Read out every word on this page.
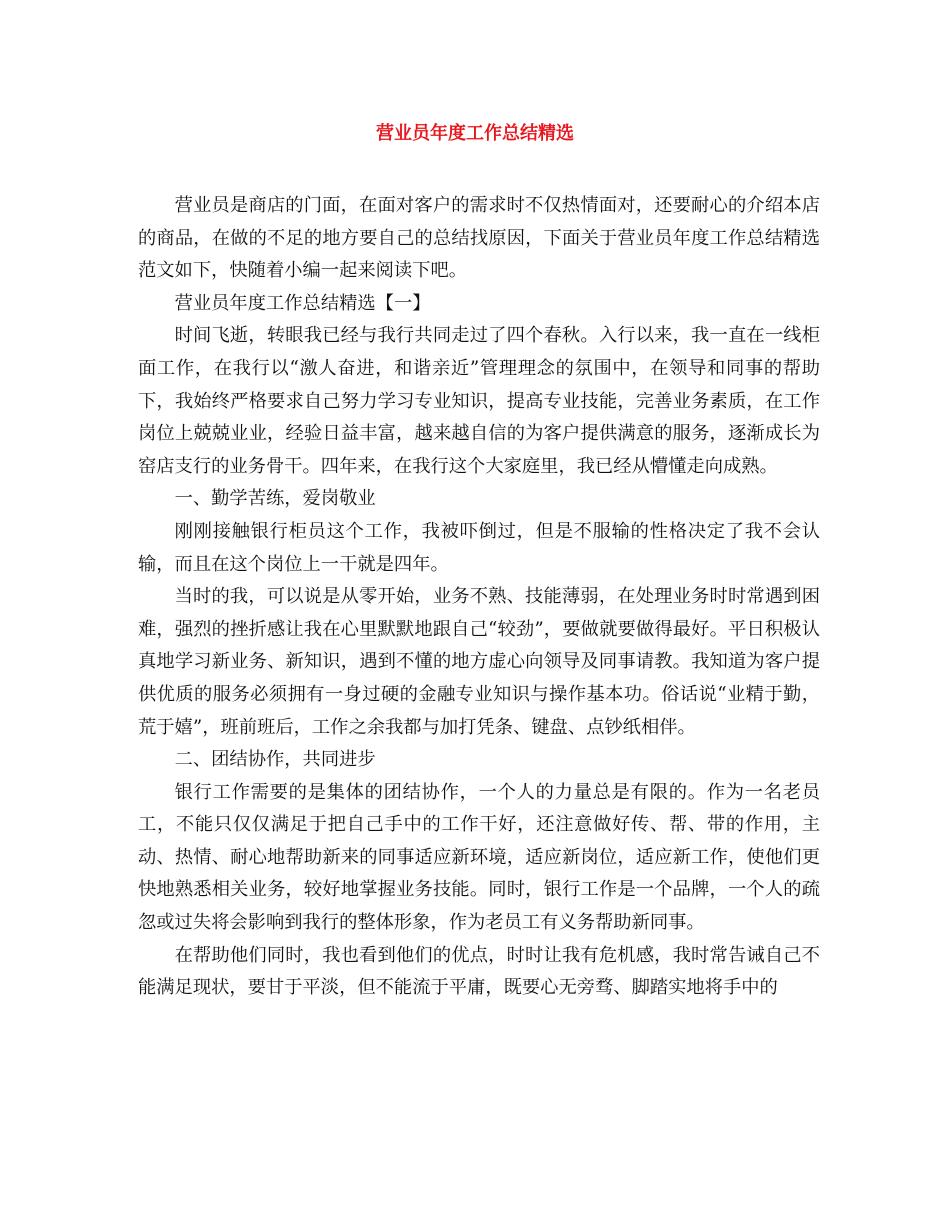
营业员年度工作总结精选

营业员是商店的门面，在面对客户的需求时不仅热情面对，还要耐心的介绍本店的商品，在做的不足的地方要自己的总结找原因，下面关于营业员年度工作总结精选范文如下，快随着小编一起来阅读下吧。

营业员年度工作总结精选【一】

时间飞逝，转眼我已经与我行共同走过了四个春秋。入行以来，我一直在一线柜面工作，在我行以“激人奋进，和谐亲近”管理理念的氛围中，在领导和同事的帮助下，我始终严格要求自己努力学习专业知识，提高专业技能，完善业务素质，在工作岗位上兢兢业业，经验日益丰富，越来越自信的为客户提供满意的服务，逐渐成长为窑店支行的业务骨干。四年来，在我行这个大家庭里，我已经从懵懂走向成熟。

一、勤学苦练，爱岗敬业

刚刚接触银行柜员这个工作，我被吓倒过，但是不服输的性格决定了我不会认输，而且在这个岗位上一干就是四年。

当时的我，可以说是从零开始，业务不熟、技能薄弱，在处理业务时时常遇到困难，强烈的挫折感让我在心里默默地跟自己“较劲”，要做就要做得最好。平日积极认真地学习新业务、新知识，遇到不懂的地方虚心向领导及同事请教。我知道为客户提供优质的服务必须拥有一身过硬的金融专业知识与操作基本功。俗话说“业精于勤，荒于嬉”，班前班后，工作之余我都与加打凭条、键盘、点钞纸相伴。

二、团结协作，共同进步

银行工作需要的是集体的团结协作，一个人的力量总是有限的。作为一名老员工，不能只仅仅满足于把自己手中的工作干好，还注意做好传、帮、带的作用，主动、热情、耐心地帮助新来的同事适应新环境，适应新岗位，适应新工作，使他们更快地熟悉相关业务，较好地掌握业务技能。同时，银行工作是一个品牌，一个人的疏忽或过失将会影响到我行的整体形象，作为老员工有义务帮助新同事。

在帮助他们同时，我也看到他们的优点，时时让我有危机感，我时常告诫自己不能满足现状，要甘于平淡，但不能流于平庸，既要心无旁骛、脚踏实地将手中的
